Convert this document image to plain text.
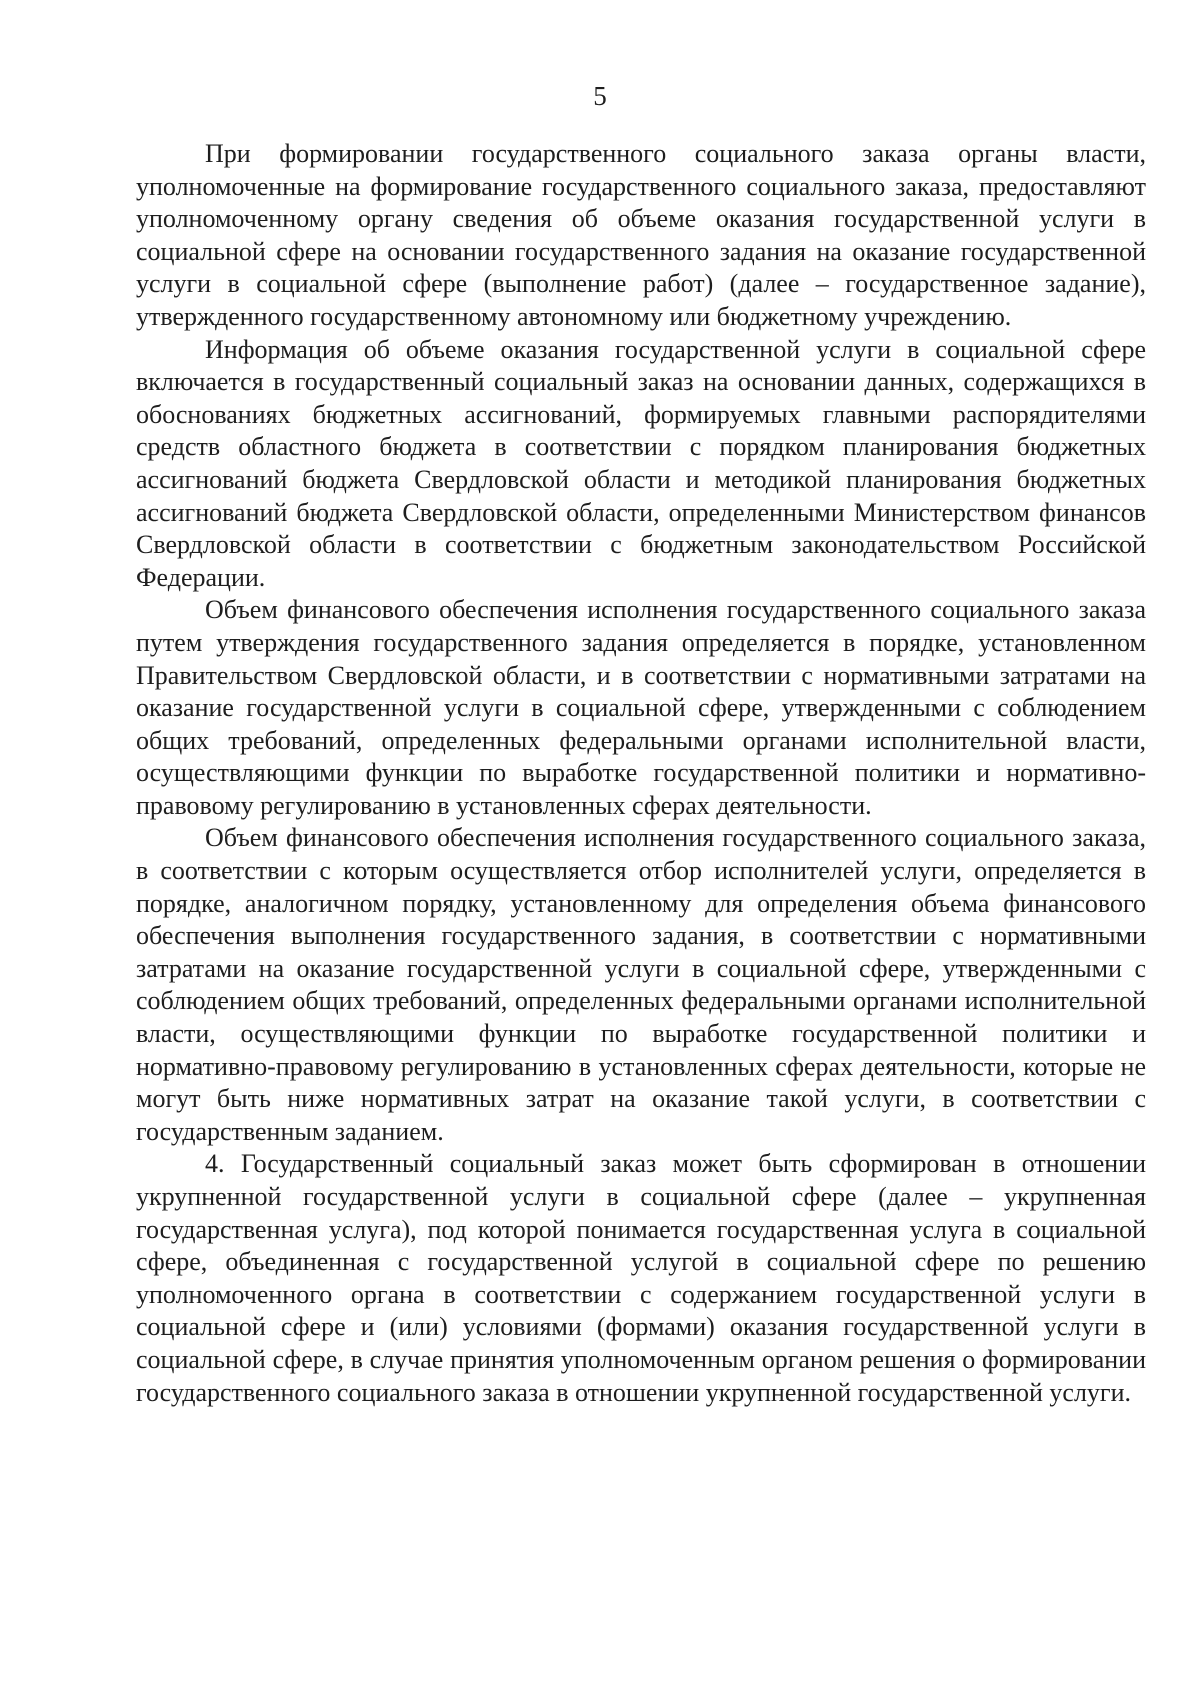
5

При формировании государственного социального заказа органы власти, уполномоченные на формирование государственного социального заказа, предоставляют уполномоченному органу сведения об объеме оказания государственной услуги в социальной сфере на основании государственного задания на оказание государственной услуги в социальной сфере (выполнение работ) (далее – государственное задание), утвержденного государственному автономному или бюджетному учреждению.

Информация об объеме оказания государственной услуги в социальной сфере включается в государственный социальный заказ на основании данных, содержащихся в обоснованиях бюджетных ассигнований, формируемых главными распорядителями средств областного бюджета в соответствии с порядком планирования бюджетных ассигнований бюджета Свердловской области и методикой планирования бюджетных ассигнований бюджета Свердловской области, определенными Министерством финансов Свердловской области в соответствии с бюджетным законодательством Российской Федерации.

Объем финансового обеспечения исполнения государственного социального заказа путем утверждения государственного задания определяется в порядке, установленном Правительством Свердловской области, и в соответствии с нормативными затратами на оказание государственной услуги в социальной сфере, утвержденными с соблюдением общих требований, определенных федеральными органами исполнительной власти, осуществляющими функции по выработке государственной политики и нормативно-правовому регулированию в установленных сферах деятельности.

Объем финансового обеспечения исполнения государственного социального заказа, в соответствии с которым осуществляется отбор исполнителей услуги, определяется в порядке, аналогичном порядку, установленному для определения объема финансового обеспечения выполнения государственного задания, в соответствии с нормативными затратами на оказание государственной услуги в социальной сфере, утвержденными с соблюдением общих требований, определенных федеральными органами исполнительной власти, осуществляющими функции по выработке государственной политики и нормативно-правовому регулированию в установленных сферах деятельности, которые не могут быть ниже нормативных затрат на оказание такой услуги, в соответствии с государственным заданием.

4. Государственный социальный заказ может быть сформирован в отношении укрупненной государственной услуги в социальной сфере (далее – укрупненная государственная услуга), под которой понимается государственная услуга в социальной сфере, объединенная с государственной услугой в социальной сфере по решению уполномоченного органа в соответствии с содержанием государственной услуги в социальной сфере и (или) условиями (формами) оказания государственной услуги в социальной сфере, в случае принятия уполномоченным органом решения о формировании государственного социального заказа в отношении укрупненной государственной услуги.
